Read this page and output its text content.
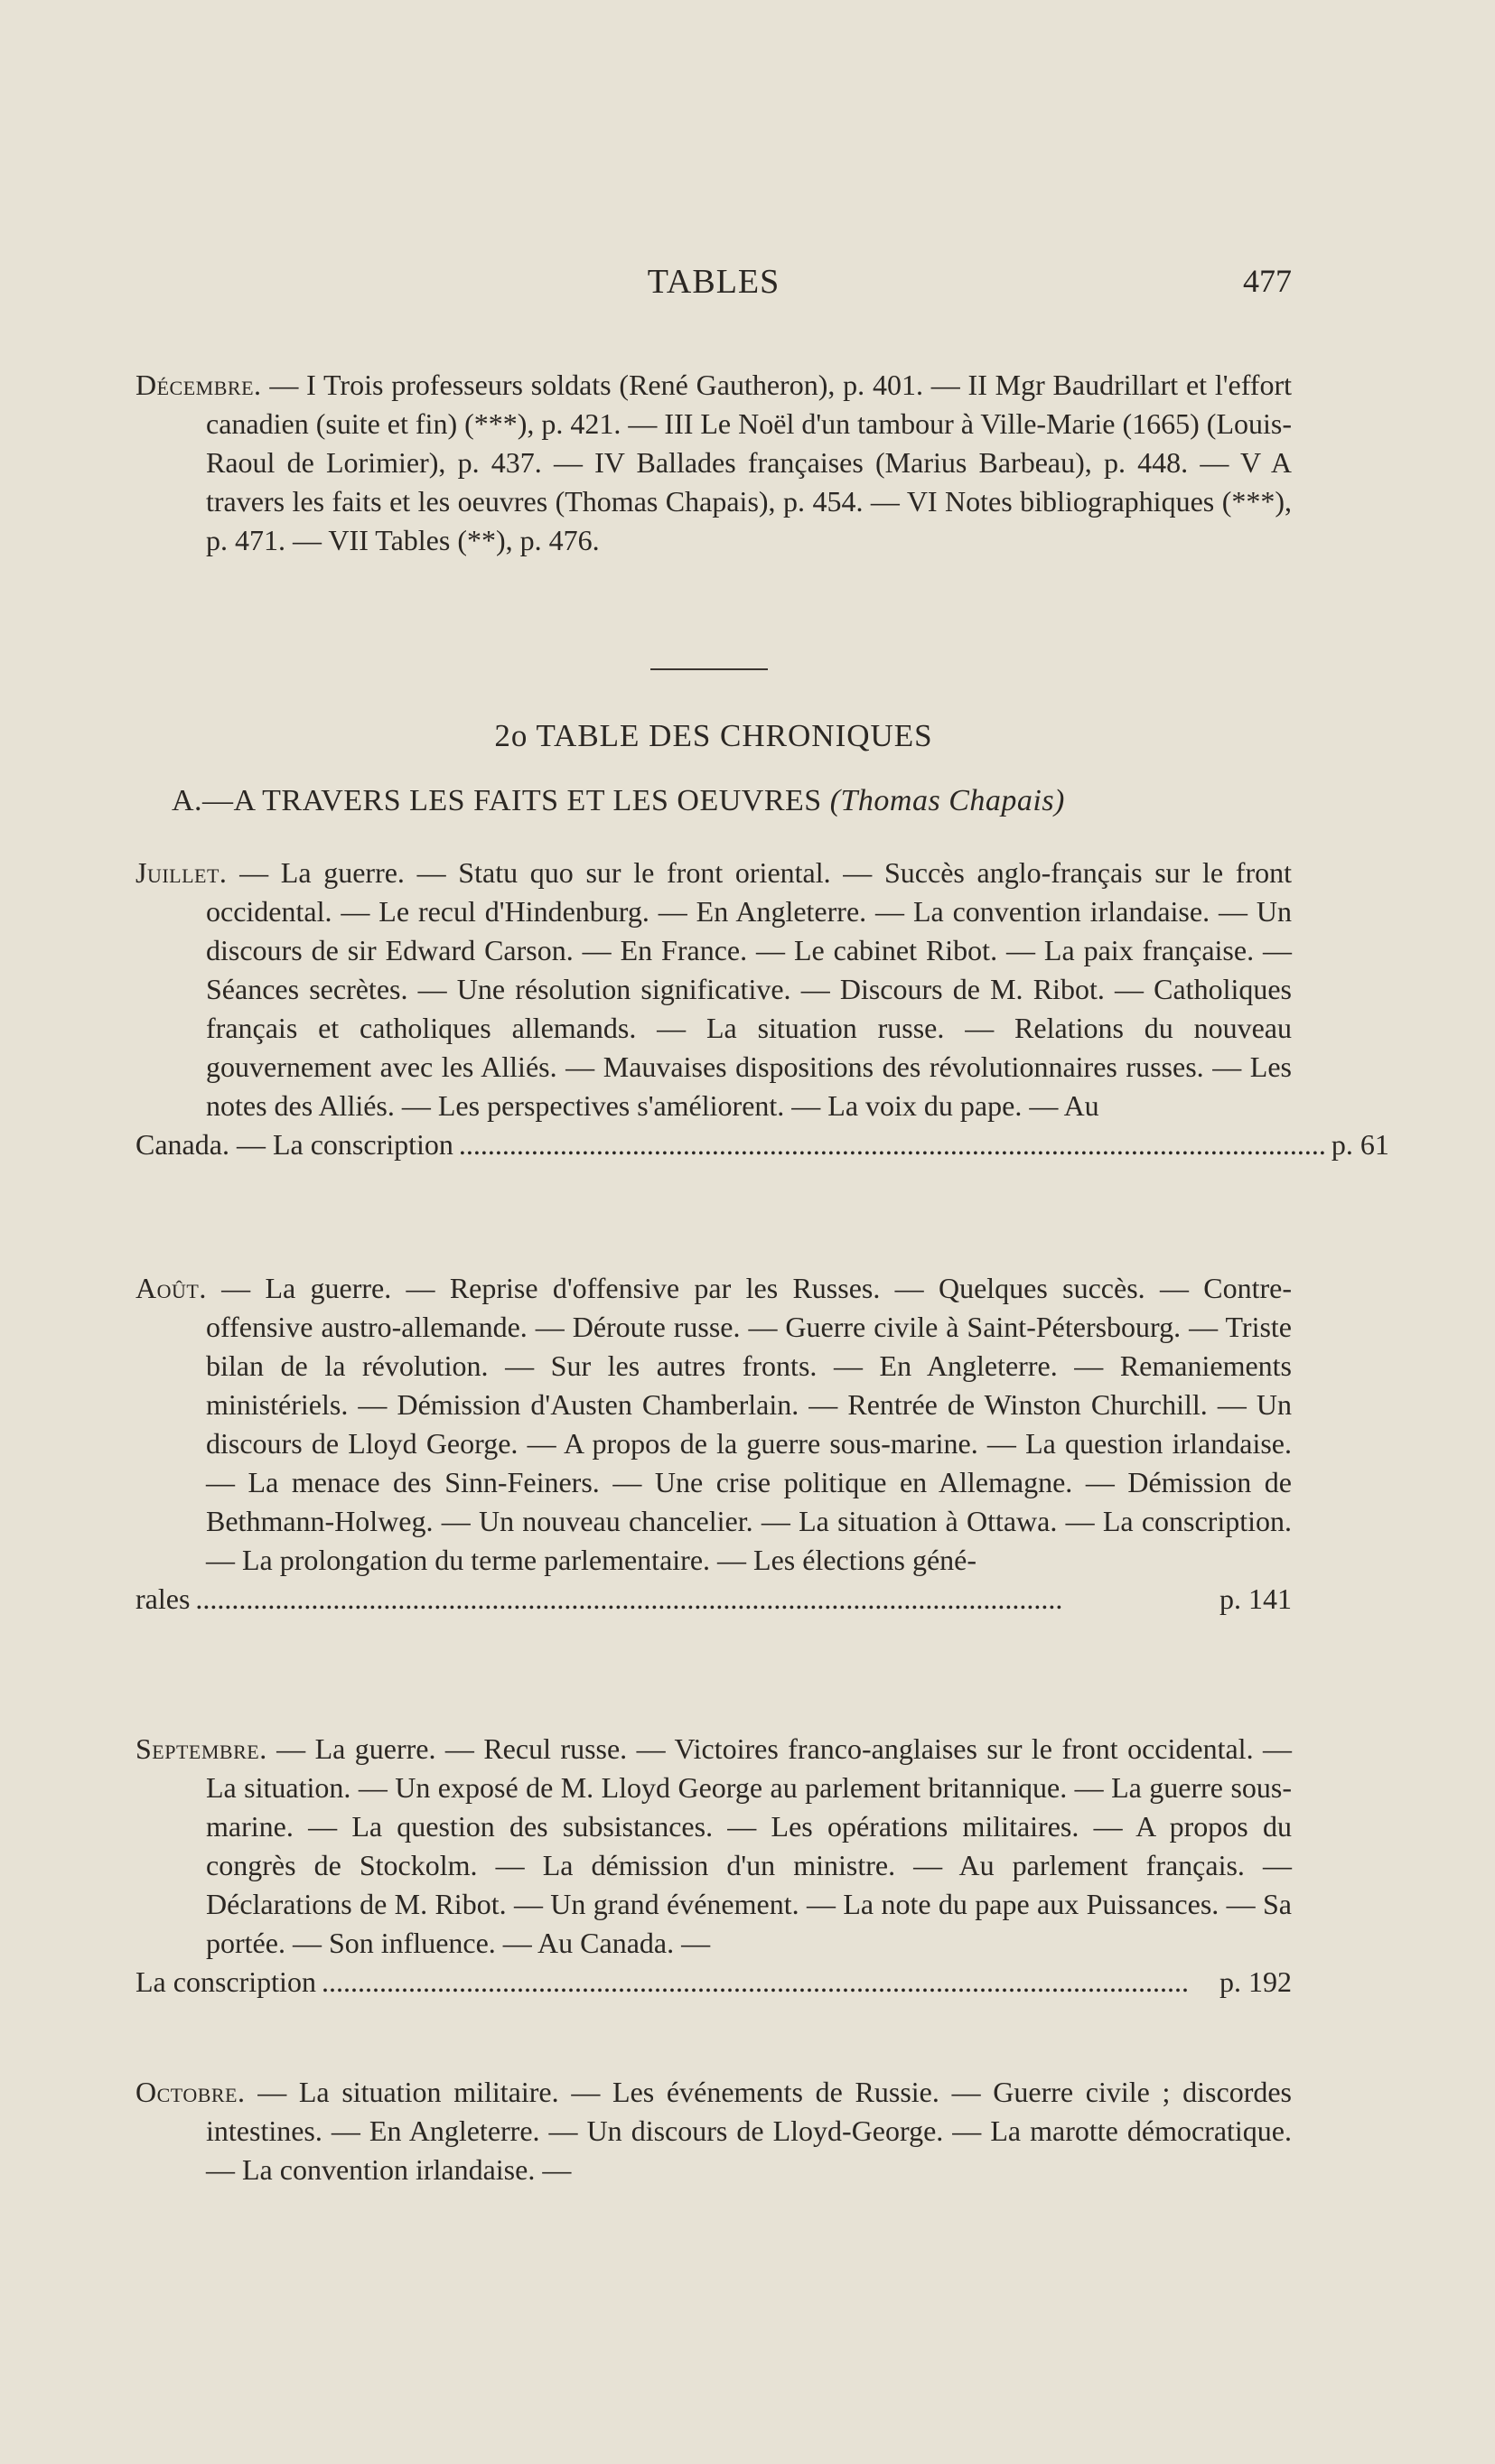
TABLES	477

Décembre. — I Trois professeurs soldats (René Gautheron), p. 401. — II Mgr Baudrillart et l'effort canadien (suite et fin) (***), p. 421. — III Le Noël d'un tambour à Ville-Marie (1665) (Louis-Raoul de Lorimier), p. 437. — IV Ballades françaises (Marius Barbeau), p. 448. — V A travers les faits et les oeuvres (Thomas Chapais), p. 454. — VI Notes bibliographiques (***), p. 471. — VII Tables (**), p. 476.

2o TABLE DES CHRONIQUES
A.—A TRAVERS LES FAITS ET LES OEUVRES (Thomas Chapais)

Juillet. — La guerre. — Statu quo sur le front oriental. — Succès anglo-français sur le front occidental. — Le recul d'Hindenburg. — En Angleterre. — La convention irlandaise. — Un discours de sir Edward Carson. — En France. — Le cabinet Ribot. — La paix française. — Séances secrètes. — Une résolution significative. — Discours de M. Ribot. — Catholiques français et catholiques allemands. — La situation russe. — Relations du nouveau gouvernement avec les Alliés. — Mauvaises dispositions des révolutionnaires russes. — Les notes des Alliés. — Les perspectives s'améliorent. — La voix du pape. — Au

Canada. — La conscription ........................................................................................................................ p. 61

Août. — La guerre. — Reprise d'offensive par les Russes. — Quelques succès. — Contre-offensive austro-allemande. — Déroute russe. — Guerre civile à Saint-Pétersbourg. — Triste bilan de la révolution. — Sur les autres fronts. — En Angleterre. — Remaniements ministériels. — Démission d'Austen Chamberlain. — Rentrée de Winston Churchill. — Un discours de Lloyd George. — A propos de la guerre sous-marine. — La question irlandaise. — La menace des Sinn-Feiners. — Une crise politique en Allemagne. — Démission de Bethmann-Holweg. — Un nouveau chancelier. — La situation à Ottawa. — La conscription. — La prolongation du terme parlementaire. — Les élections géné-

rales ........................................................................................................................	p. 141

Septembre. — La guerre. — Recul russe. — Victoires franco-anglaises sur le front occidental. — La situation. — Un exposé de M. Lloyd George au parlement britannique. — La guerre sous-marine. — La question des subsistances. — Les opérations militaires. — A propos du congrès de Stockolm. — La démission d'un ministre. — Au parlement français. — Déclarations de M. Ribot. — Un grand événement. — La note du pape aux Puissances. — Sa portée. — Son influence. — Au Canada. —

La conscription ........................................................................................................................	p. 192

Octobre. — La situation militaire. — Les événements de Russie. — Guerre civile ; discordes intestines. — En Angleterre. — Un discours de Lloyd-George. — La marotte démocratique. — La convention irlandaise. —
